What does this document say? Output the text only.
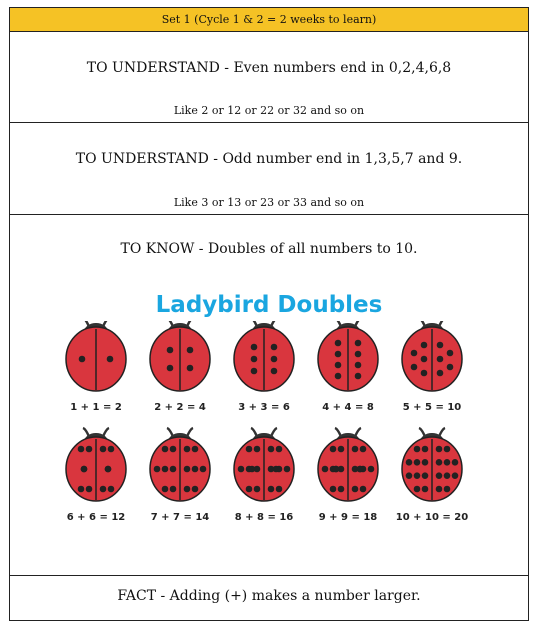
Set 1 (Cycle 1 & 2 = 2 weeks to learn)
TO UNDERSTAND - Even numbers end in 0,2,4,6,8
Like 2 or 12 or 22 or 32 and so on
TO UNDERSTAND - Odd number end in 1,3,5,7 and 9.
Like 3 or 13 or 23 or 33 and so on
TO KNOW - Doubles of all numbers to 10.
Ladybird Doubles
1 + 1 = 2	2 + 2 = 4	3 + 3 = 6	4 + 4 = 8	5 + 5 = 10
6 + 6 = 12	7 + 7 = 14	8 + 8 = 16	9 + 9 = 18 10 + 10 = 20
FACT - Adding (+) makes a number larger.
